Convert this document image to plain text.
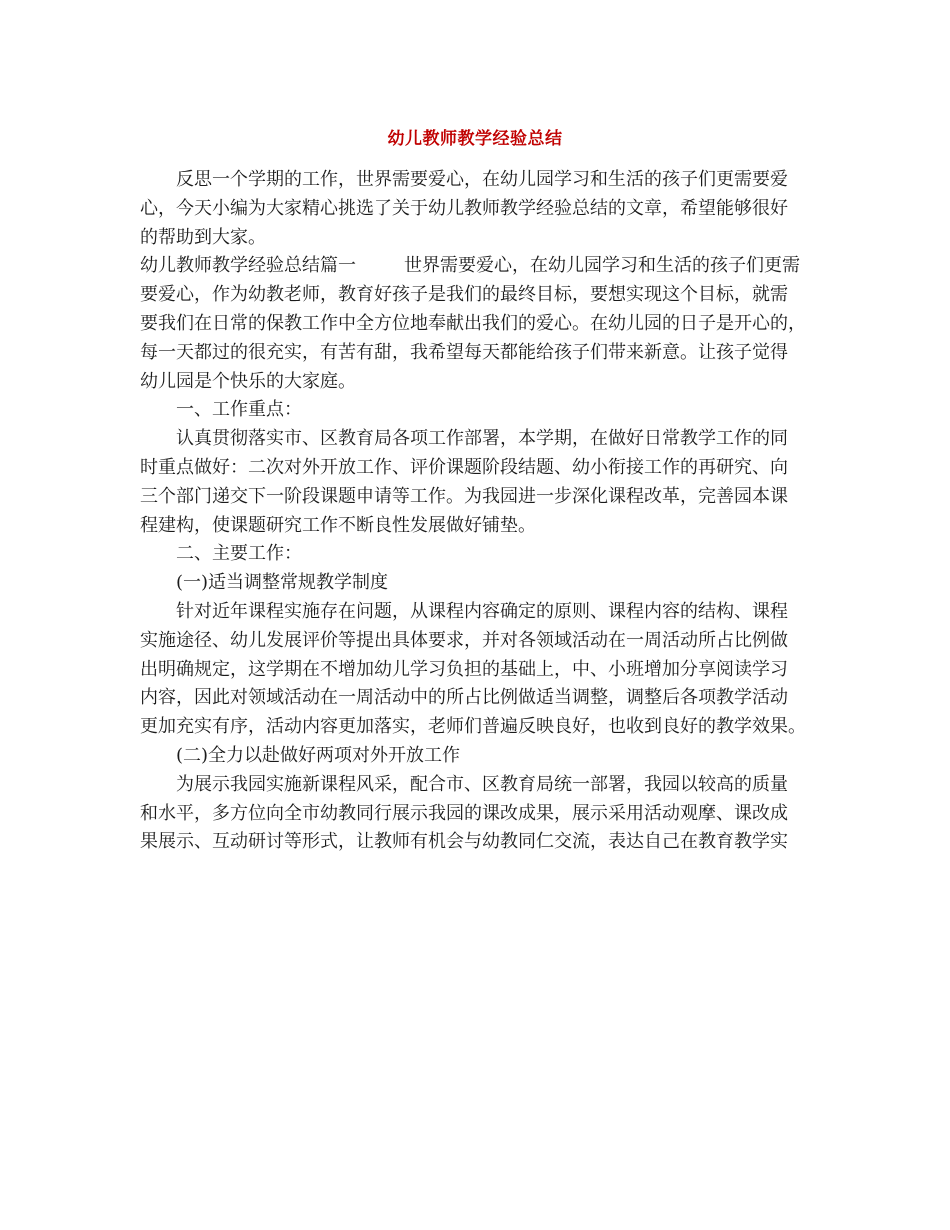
幼儿教师教学经验总结
反思一个学期的工作，世界需要爱心，在幼儿园学习和生活的孩子们更需要爱
心，今天小编为大家精心挑选了关于幼儿教师教学经验总结的文章，希望能够很好
的帮助到大家。
幼儿教师教学经验总结篇一	世界需要爱心，在幼儿园学习和生活的孩子们更需
要爱心，作为幼教老师，教育好孩子是我们的最终目标，要想实现这个目标，就需
要我们在日常的保教工作中全方位地奉献出我们的爱心。在幼儿园的日子是开心的，
每一天都过的很充实，有苦有甜，我希望每天都能给孩子们带来新意。让孩子觉得
幼儿园是个快乐的大家庭。
一、工作重点：
认真贯彻落实市、区教育局各项工作部署，本学期，在做好日常教学工作的同
时重点做好：二次对外开放工作、评价课题阶段结题、幼小衔接工作的再研究、向
三个部门递交下一阶段课题申请等工作。为我园进一步深化课程改革，完善园本课
程建构，使课题研究工作不断良性发展做好铺垫。
二、主要工作：
(一)适当调整常规教学制度
针对近年课程实施存在问题，从课程内容确定的原则、课程内容的结构、课程
实施途径、幼儿发展评价等提出具体要求，并对各领域活动在一周活动所占比例做
出明确规定，这学期在不增加幼儿学习负担的基础上，中、小班增加分享阅读学习
内容，因此对领域活动在一周活动中的所占比例做适当调整，调整后各项教学活动
更加充实有序，活动内容更加落实，老师们普遍反映良好，也收到良好的教学效果。
(二)全力以赴做好两项对外开放工作
为展示我园实施新课程风采，配合市、区教育局统一部署，我园以较高的质量
和水平，多方位向全市幼教同行展示我园的课改成果，展示采用活动观摩、课改成
果展示、互动研讨等形式，让教师有机会与幼教同仁交流，表达自己在教育教学实
